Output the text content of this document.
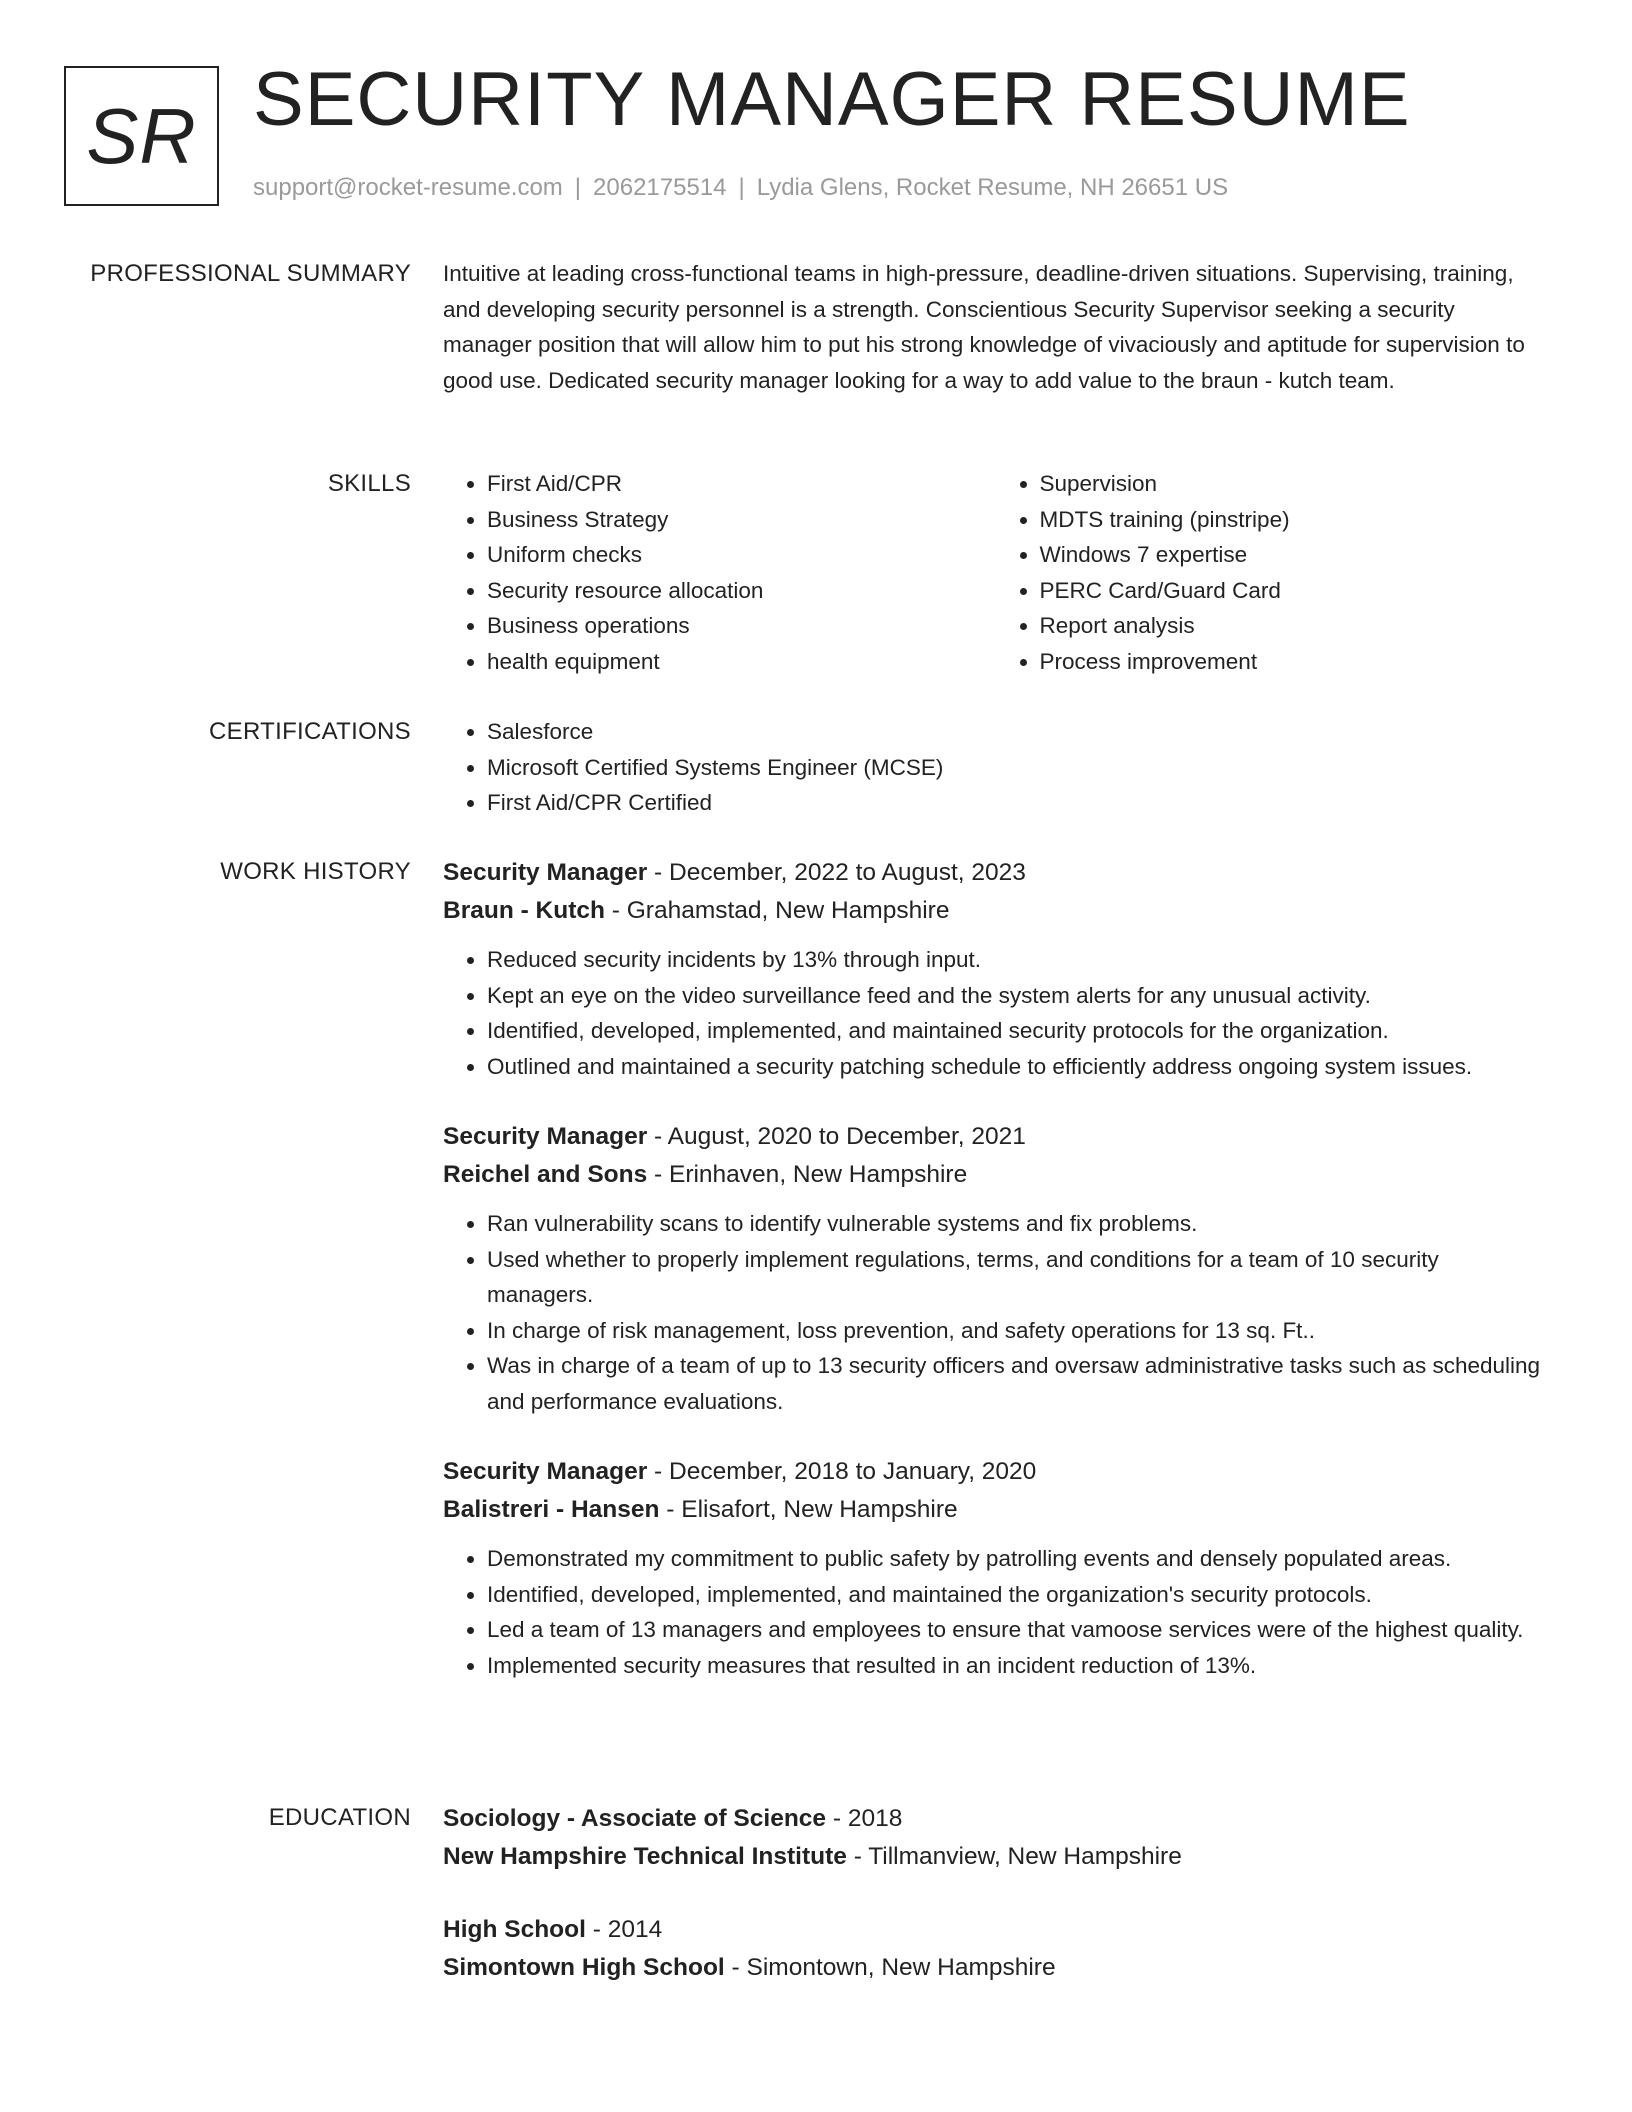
SR SECURITY MANAGER RESUME
support@rocket-resume.com | 2062175514 | Lydia Glens, Rocket Resume, NH 26651 US
PROFESSIONAL SUMMARY Intuitive at leading cross-functional teams in high-pressure, deadline-driven situations. Supervising, training, and developing security personnel is a strength. Conscientious Security Supervisor seeking a security manager position that will allow him to put his strong knowledge of vivaciously and aptitude for supervision to good use. Dedicated security manager looking for a way to add value to the braun - kutch team.
SKILLS	• First Aid/CPR
• Business Strategy
• Uniform checks
• Security resource allocation
• Business operations
• health equipment
• Supervision
• MDTS training (pinstripe)
• Windows 7 expertise
• PERC Card/Guard Card
• Report analysis
• Process improvement
CERTIFICATIONS	• Salesforce
• Microsoft Certified Systems Engineer (MCSE)
• First Aid/CPR Certified
WORK HISTORY Security Manager - December, 2022 to August, 2023
Braun - Kutch - Grahamstad, New Hampshire
• Reduced security incidents by 13% through input.
• Kept an eye on the video surveillance feed and the system alerts for any unusual activity.
• Identified, developed, implemented, and maintained security protocols for the organization.
• Outlined and maintained a security patching schedule to efficiently address ongoing system issues.
Security Manager - August, 2020 to December, 2021
Reichel and Sons - Erinhaven, New Hampshire
• Ran vulnerability scans to identify vulnerable systems and fix problems.
• Used whether to properly implement regulations, terms, and conditions for a team of 10 security managers.
• In charge of risk management, loss prevention, and safety operations for 13 sq. Ft..
• Was in charge of a team of up to 13 security officers and oversaw administrative tasks such as scheduling and performance evaluations.
Security Manager - December, 2018 to January, 2020
Balistreri - Hansen - Elisafort, New Hampshire
• Demonstrated my commitment to public safety by patrolling events and densely populated areas.
• Identified, developed, implemented, and maintained the organization's security protocols.
• Led a team of 13 managers and employees to ensure that vamoose services were of the highest quality.
• Implemented security measures that resulted in an incident reduction of 13%.
EDUCATION Sociology - Associate of Science - 2018
New Hampshire Technical Institute - Tillmanview, New Hampshire
High School - 2014
Simontown High School - Simontown, New Hampshire
